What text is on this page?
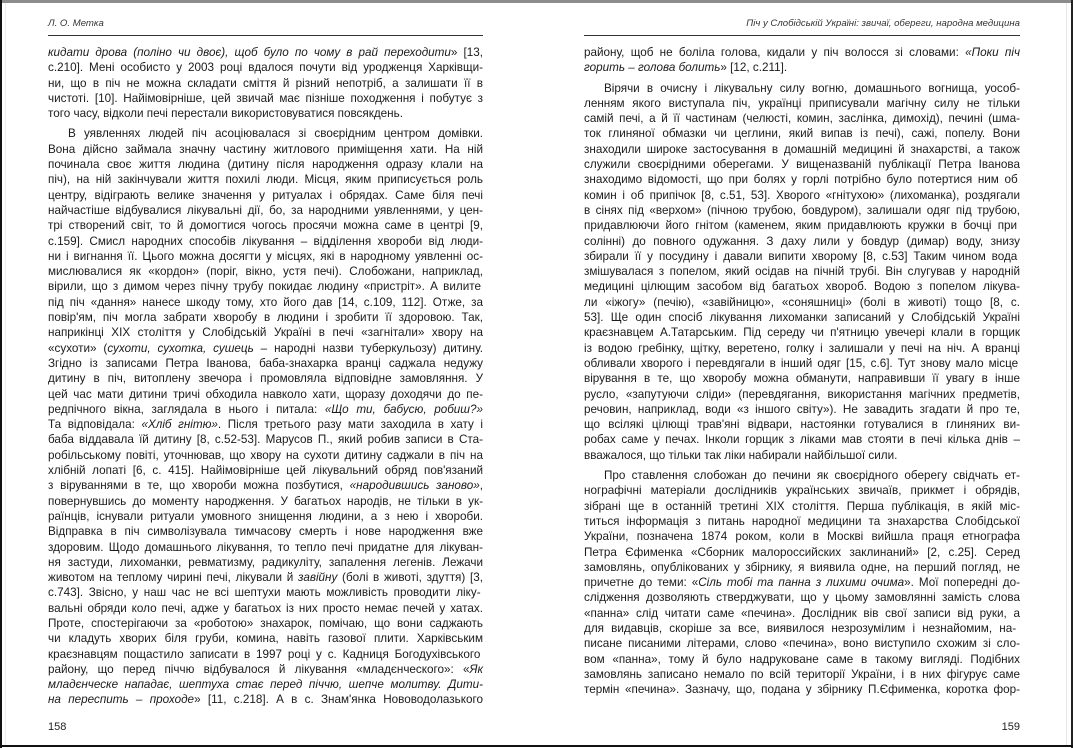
Л. О. Метка
кидати дрова (поліно чи двоє), щоб було по чому в рай переходити» [13,
с.210]. Мені особисто у 2003 році вдалося почути від уродженця Харківщи-
ни, що в піч не можна складати сміття й різний непотріб, а залишати її в
чистоті. [10]. Найімовірніше, цей звичай має пізніше походження і побутує з
того часу, відколи печі перестали використовуватися повсякдень.
В уявленнях людей піч асоціювалася зі своєрідним центром домівки.
Вона дійсно займала значну частину житлового приміщення хати. На ній
починала своє життя людина (дитину після народження одразу клали на
піч), на ній закінчували життя похилі люди. Місця, яким приписується роль
центру, відіграють велике значення у ритуалах і обрядах. Саме біля печі
найчастіше відбувалися лікувальні дії, бо, за народними уявленнями, у цен-
трі створений світ, то й домогтися чогось просячи можна саме в центрі [9,
с.159]. Смисл народних способів лікування – відділення хвороби від люди-
ни і вигнання її. Цього можна досягти у місцях, які в народному уявленні ос-
мислювалися як «кордон» (поріг, вікно, устя печі). Слобожани, наприклад,
вірили, що з димом через пічну трубу покидає людину «пристріт». А вилите
під піч «дання» нанесе шкоду тому, хто його дав [14, с.109, 112]. Отже, за
повір'ям, піч могла забрати хворобу в людини і зробити її здоровою. Так,
наприкінці XIX століття у Слобідській Україні в печі «загнітали» хвору на
«сухоти» (сухоти, сухотка, сушець – народні назви туберкульозу) дитину.
Згідно із записами Петра Іванова, баба-знахарка вранці саджала недужу
дитину в піч, витоплену звечора і промовляла відповідне замовляння. У
цей час мати дитини тричі обходила навколо хати, щоразу доходячи до пе-
редпічного вікна, заглядала в нього і питала: «Що ти, бабусю, робиш?»
Та відповідала: «Хліб гнітю». Після третього разу мати заходила в хату і
баба віддавала їй дитину [8, с.52-53]. Марусов П., який робив записи в Ста-
робільському повіті, уточнював, що хвору на сухоти дитину саджали в піч на
хлібній лопаті [6, с. 415]. Найімовірніше цей лікувальний обряд пов'язаний
з віруваннями в те, що хвороби можна позбутися, «народившись заново»,
повернувшись до моменту народження. У багатьох народів, не тільки в ук-
раїнців, існували ритуали умовного знищення людини, а з нею і хвороби.
Відправка в піч символізувала тимчасову смерть і нове народження вже
здоровим. Щодо домашнього лікування, то тепло печі придатне для лікуван-
ня застуди, лихоманки, ревматизму, радикуліту, запалення легенів. Лежачи
животом на теплому чирині печі, лікували й завійну (болі в животі, здуття) [3,
с.743]. Звісно, у наш час не всі шептухи мають можливість проводити ліку-
вальні обряди коло печі, адже у багатьох із них просто немає печей у хатах.
Проте, спостерігаючи за «роботою» знахарок, помічаю, що вони саджають
чи кладуть хворих біля груби, комина, навіть газової плити. Харківським
краєзнавцям пощастило записати в 1997 році у с. Кадниця Богодухівського
району, що перед піччю відбувалося й лікування «младєнческого»: «Як
младєнческе нападає, шептуха стає перед піччю, шепче молитву. Дити-
на переспить – проходе» [11, с.218]. А в с. Знам'янка Нововодолазького
158
Піч у Слобідській Україні: звичаї, обереги, народна медицина
району, щоб не боліла голова, кидали у піч волосся зі словами: «Поки піч
горить – голова болить» [12, с.211].
Вірячи в очисну і лікувальну силу вогню, домашнього вогнища, уособ-
ленням якого виступала піч, українці приписували магічну силу не тільки
самій печі, а й її частинам (челюсті, комин, заслінка, димохід), печині (шма-
ток глиняної обмазки чи цеглини, який випав із печі), сажі, попелу. Вони
знаходили широке застосування в домашній медицині й знахарстві, а також
служили своєрідними оберегами. У вищеназваній публікації Петра Іванова
знаходимо відомості, що при болях у горлі потрібно було потертися ним об
комин і об припічок [8, с.51, 53]. Хворого «гнітухою» (лихоманка), роздягали
в сінях під «верхом» (пічною трубою, бовдуром), залишали одяг під трубою,
придавлюючи його гнітом (каменем, яким придавлюють кружки в бочці при
солінні) до повного одужання. З даху лили у бовдур (димар) воду, знизу
збирали її у посудину і давали випити хворому [8, с.53] Таким чином вода
змішувалася з попелом, який осідав на пічній трубі. Він слугував у народній
медицині цілющим засобом від багатьох хвороб. Водою з попелом лікува-
ли «іжогу» (печію), «завійницю», «соняшниці» (болі в животі) тощо [8, с.
53]. Ще один спосіб лікування лихоманки записаний у Слобідській Україні
краєзнавцем А.Татарським. Під середу чи п'ятницю увечері клали в горщик
із водою гребінку, щітку, веретено, голку і залишали у печі на ніч. А вранці
обливали хворого і перевдягали в інший одяг [15, с.6]. Тут знову мало місце
вірування в те, що хворобу можна обманути, направивши її увагу в інше
русло, «запутуючи сліди» (перевдягання, використання магічних предметів,
речовин, наприклад, води «з іншого світу»). Не завадить згадати й про те,
що всілякі цілющі трав'яні відвари, настоянки готувалися в глиняних ви-
робах саме у печах. Інколи горщик з ліками мав стояти в печі кілька днів –
вважалося, що тільки так ліки набирали найбільшої сили.
Про ставлення слобожан до печини як своєрідного оберегу свідчать ет-
нографічні матеріали дослідників українських звичаїв, прикмет і обрядів,
зібрані ще в останній третині XIX століття. Перша публікація, в якій міс-
титься інформація з питань народної медицини та знахарства Слобідської
України, позначена 1874 роком, коли в Москві вийшла праця етнографа
Петра Єфименка «Сборник малороссийских заклинаний» [2, с.25]. Серед
замовлянь, опублікованих у збірнику, я виявила одне, на перший погляд, не
причетне до теми: «Сіль тобі та панна з лихими очима». Мої попередні до-
слідження дозволяють стверджувати, що у цьому замовлянні замість слова
«панна» слід читати саме «печина». Дослідник вів свої записи від руки, а
для видавців, скоріше за все, виявилося незрозумілим і незнайомим, на-
писане писаними літерами, слово «печина», воно виступило схожим зі сло-
вом «панна», тому й було надруковане саме в такому вигляді. Подібних
замовлянь записано немало по всій території України, і в них фігурує саме
термін «печина». Зазначу, що, подана у збірнику П.Єфименка, коротка фор-
159
